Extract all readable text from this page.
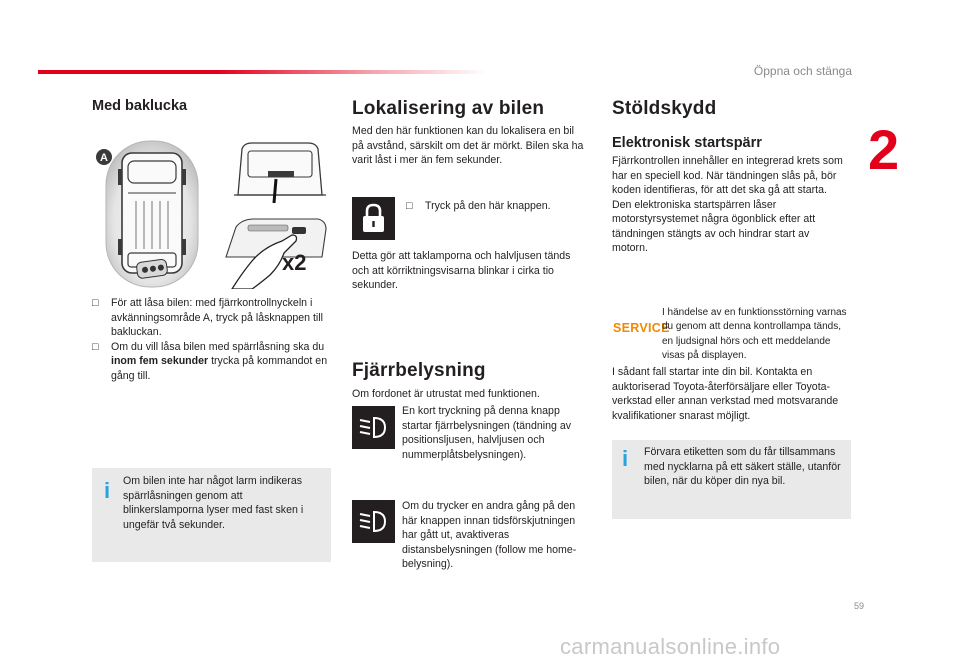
Öppna och stänga
2
Med baklucka
A
x2
□ För att låsa bilen: med fjärrkontrollnyckeln i avkänningsområde A, tryck på låsknappen till bakluckan.
□ Om du vill låsa bilen med spärrlåsning ska du inom fem sekunder trycka på kommandot en gång till.
i Om bilen inte har något larm indikeras spärrlåsningen genom att blinkerslamporna lyser med fast sken i ungefär två sekunder.
Lokalisering av bilen
Med den här funktionen kan du lokalisera en bil på avstånd, särskilt om det är mörkt. Bilen ska ha varit låst i mer än fem sekunder.
□ Tryck på den här knappen.
Detta gör att taklamporna och halvljusen tänds och att körriktningsvisarna blinkar i cirka tio sekunder.
Fjärrbelysning
Om fordonet är utrustat med funktionen.
En kort tryckning på denna knapp startar fjärrbelysningen (tändning av positionsljusen, halvljusen och nummerplåtsbelysningen).
Om du trycker en andra gång på den här knappen innan tidsförskjutningen har gått ut, avaktiveras distansbelysningen (follow me home-belysning).
Stöldskydd
Elektronisk startspärr
Fjärrkontrollen innehåller en integrerad krets som har en speciell kod. När tändningen slås på, bör koden identifieras, för att det ska gå att starta.
Den elektroniska startspärren låser motorstyrsystemet några ögonblick efter att tändningen stängts av och hindrar start av motorn.
SERVICE
I händelse av en funktionsstörning varnas du genom att denna kontrollampa tänds, en ljudsignal hörs och ett meddelande visas på displayen.
I sådant fall startar inte din bil. Kontakta en auktoriserad Toyota-återförsäljare eller Toyota-verkstad eller annan verkstad med motsvarande kvalifikationer snarast möjligt.
i Förvara etiketten som du får tillsammans med nycklarna på ett säkert ställe, utanför bilen, när du köper din nya bil.
59
carmanualsonline.info
